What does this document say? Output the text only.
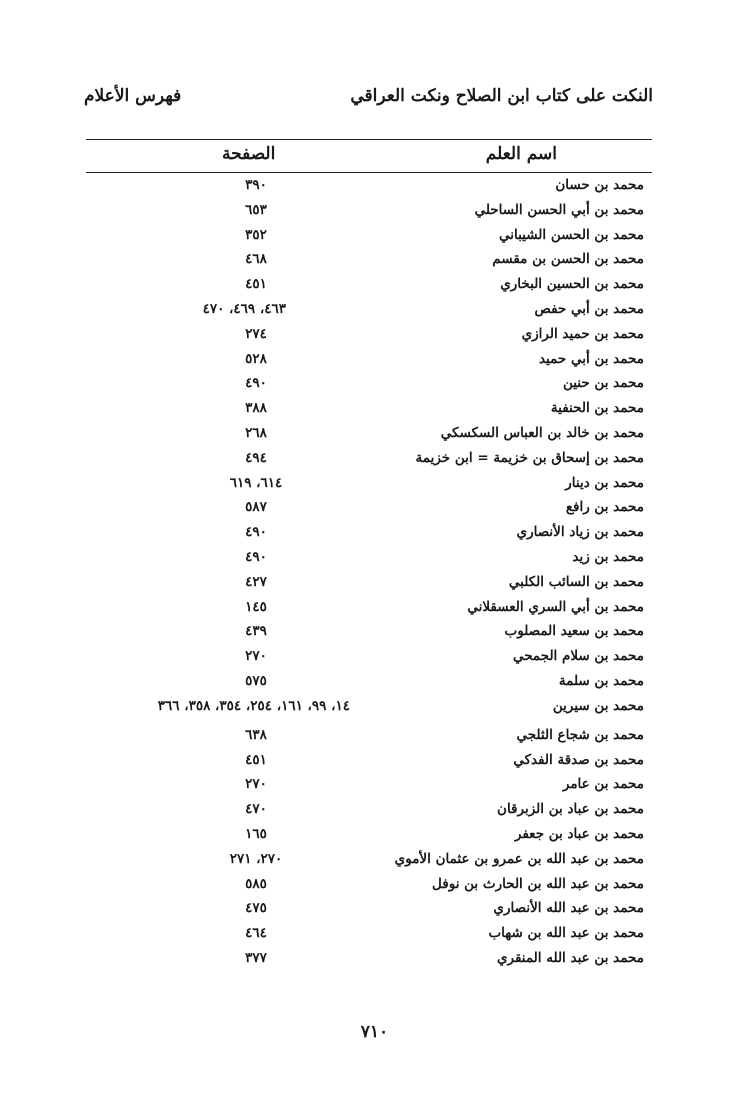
النكت على كتاب ابن الصلاح ونكت العراقي
فهرس الأعلام
اسم العلم
الصفحة
محمد بن حسان
٣٩٠
محمد بن أبي الحسن الساحلي
٦٥٣
محمد بن الحسن الشيباني
٣٥٢
محمد بن الحسن بن مقسم
٤٦٨
محمد بن الحسين البخاري
٤٥١
محمد بن أبي حفص
٤٦٣، ٤٦٩، ٤٧٠
محمد بن حميد الرازي
٢٧٤
محمد بن أبي حميد
٥٢٨
محمد بن حنين
٤٩٠
محمد بن الحنفية
٣٨٨
محمد بن خالد بن العباس السكسكي
٢٦٨
محمد بن إسحاق بن خزيمة = ابن خزيمة
٤٩٤
محمد بن دينار
٦١٤، ٦١٩
محمد بن رافع
٥٨٧
محمد بن زياد الأنصاري
٤٩٠
محمد بن زيد
٤٩٠
محمد بن السائب الكلبي
٤٢٧
محمد بن أبي السري العسقلاني
١٤٥
محمد بن سعيد المصلوب
٤٣٩
محمد بن سلام الجمحي
٢٧٠
محمد بن سلمة
٥٧٥
محمد بن سيرين
١٤، ٩٩، ١٦١، ٢٥٤، ٣٥٤، ٣٥٨، ٣٦٦
محمد بن شجاع الثلجي
٦٣٨
محمد بن صدقة الفدكي
٤٥١
محمد بن عامر
٢٧٠
محمد بن عباد بن الزبرقان
٤٧٠
محمد بن عباد بن جعفر
١٦٥
محمد بن عبد الله بن عمرو بن عثمان الأموي
٢٧٠، ٢٧١
محمد بن عبد الله بن الحارث بن نوفل
٥٨٥
محمد بن عبد الله الأنصاري
٤٧٥
محمد بن عبد الله بن شهاب
٤٦٤
محمد بن عبد الله المنقري
٣٧٧
٧١٠
